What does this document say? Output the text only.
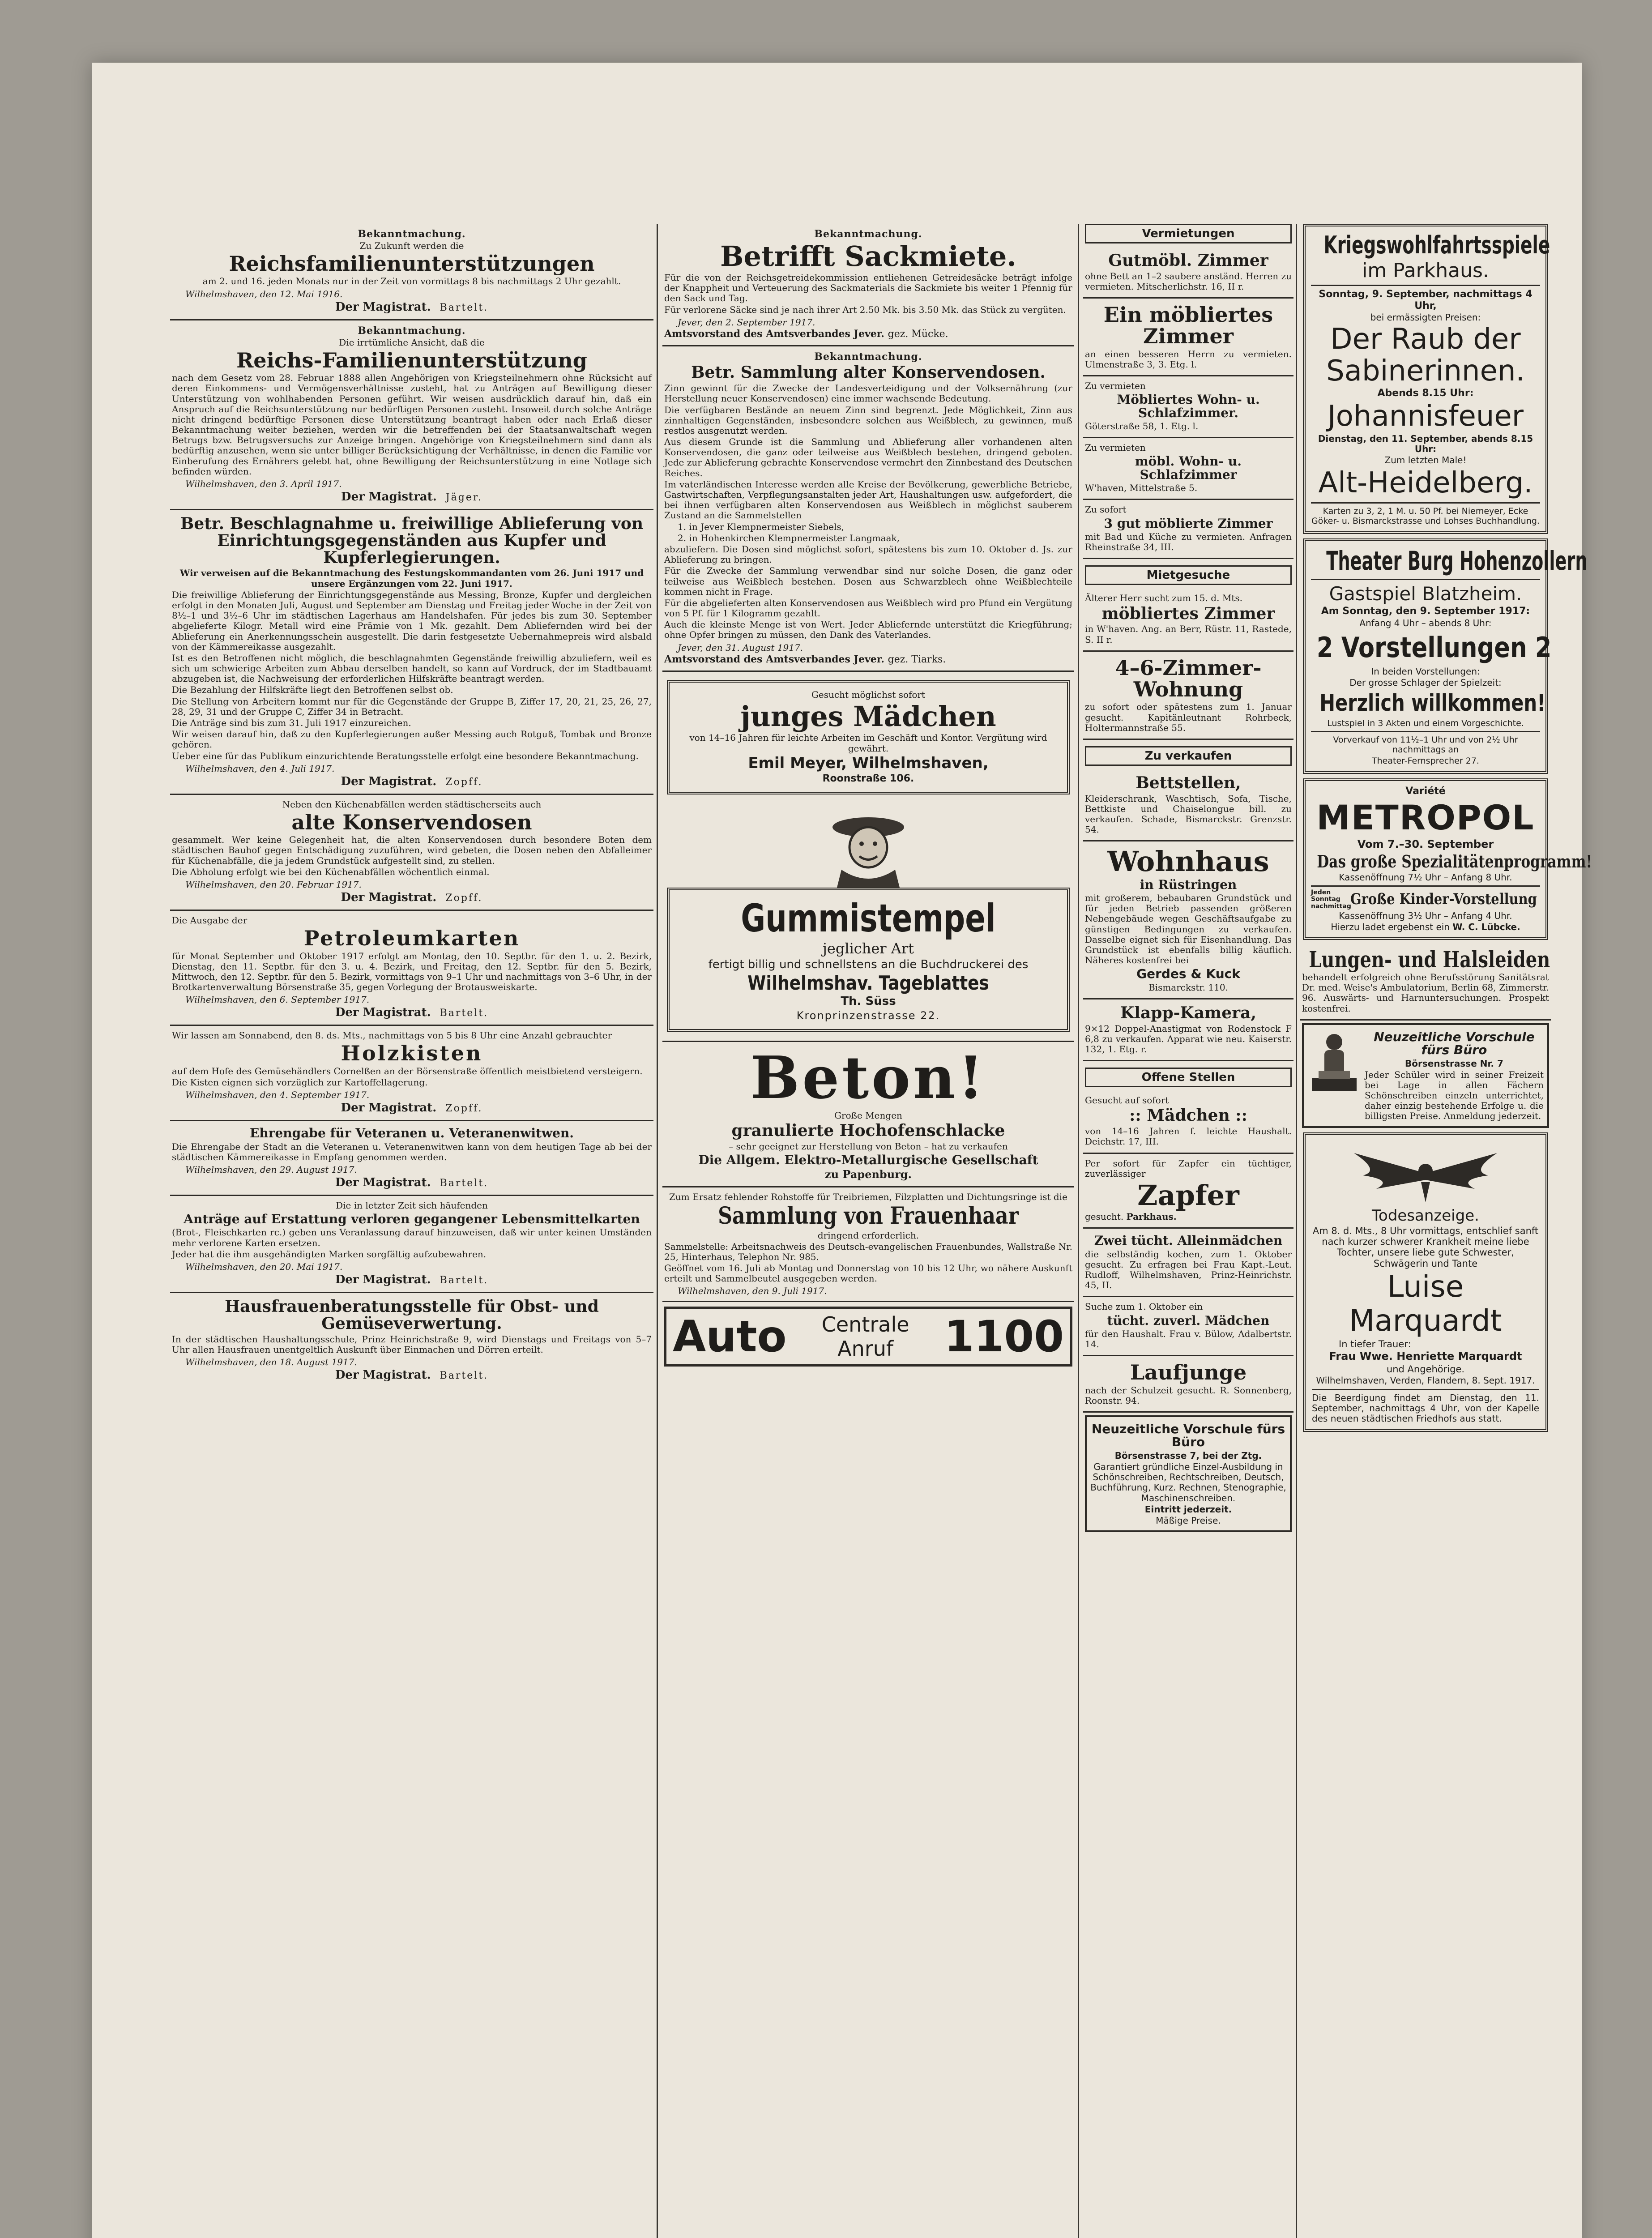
Bekanntmachung.
Zu Zukunft werden die
Reichsfamilienunterstützungen
am 2. und 16. jeden Monats nur in der Zeit von vormittags 8 bis nachmittags 2 Uhr gezahlt.
Wilhelmshaven, den 12. Mai 1916.
Der Magistrat. Bartelt.
Bekanntmachung.
Die irrtümliche Ansicht, daß die
Reichs-Familienunterstützung
nach dem Gesetz vom 28. Februar 1888 allen Angehörigen von Kriegsteilnehmern ohne Rücksicht auf deren Einkommens- und Vermögensverhältnisse zusteht, hat zu Anträgen auf Bewilligung dieser Unterstützung von wohlhabenden Personen geführt. Wir weisen ausdrücklich darauf hin, daß ein Anspruch auf die Reichsunterstützung nur bedürftigen Personen zusteht. Insoweit durch solche Anträge nicht dringend bedürftige Personen diese Unterstützung beantragt haben oder nach Erlaß dieser Bekanntmachung weiter beziehen, werden wir die betreffenden bei der Staatsanwaltschaft wegen Betrugs bzw. Betrugsversuchs zur Anzeige bringen. Angehörige von Kriegsteilnehmern sind dann als bedürftig anzusehen, wenn sie unter billiger Berücksichtigung der Verhältnisse, in denen die Familie vor Einberufung des Ernährers gelebt hat, ohne Bewilligung der Reichsunterstützung in eine Notlage sich befinden würden.
Wilhelmshaven, den 3. April 1917.
Der Magistrat. Jäger.
Betr. Beschlagnahme u. freiwillige Ablieferung von Einrichtungsgegenständen aus Kupfer und Kupferlegierungen.
Wir verweisen auf die Bekanntmachung des Festungskommandanten vom 26. Juni 1917 und unsere Ergänzungen vom 22. Juni 1917.
Die freiwillige Ablieferung der Einrichtungsgegenstände aus Messing, Bronze, Kupfer und dergleichen erfolgt in den Monaten Juli, August und September am Dienstag und Freitag jeder Woche in der Zeit von 8½–1 und 3½–6 Uhr im städtischen Lagerhaus am Handelshafen. Für jedes bis zum 30. September abgelieferte Kilogr. Metall wird eine Prämie von 1 Mk. gezahlt. Dem Abliefernden wird bei der Ablieferung ein Anerkennungsschein ausgestellt. Die darin festgesetzte Uebernahmepreis wird alsbald von der Kämmereikasse ausgezahlt.
Ist es den Betroffenen nicht möglich, die beschlagnahmten Gegenstände freiwillig abzuliefern, weil es sich um schwierige Arbeiten zum Abbau derselben handelt, so kann auf Vordruck, der im Stadtbauamt abzugeben ist, die Nachweisung der erforderlichen Hilfskräfte beantragt werden.
Die Bezahlung der Hilfskräfte liegt den Betroffenen selbst ob.
Die Stellung von Arbeitern kommt nur für die Gegenstände der Gruppe B, Ziffer 17, 20, 21, 25, 26, 27, 28, 29, 31 und der Gruppe C, Ziffer 34 in Betracht.
Die Anträge sind bis zum 31. Juli 1917 einzureichen.
Wir weisen darauf hin, daß zu den Kupferlegierungen außer Messing auch Rotguß, Tombak und Bronze gehören.
Ueber eine für das Publikum einzurichtende Beratungsstelle erfolgt eine besondere Bekanntmachung.
Wilhelmshaven, den 4. Juli 1917.
Der Magistrat. Zopff.
Neben den Küchenabfällen werden städtischerseits auch
alte Konservendosen
gesammelt. Wer keine Gelegenheit hat, die alten Konservendosen durch besondere Boten dem städtischen Bauhof gegen Entschädigung zuzuführen, wird gebeten, die Dosen neben den Abfalleimer für Küchenabfälle, die ja jedem Grundstück aufgestellt sind, zu stellen.
Die Abholung erfolgt wie bei den Küchenabfällen wöchentlich einmal.
Wilhelmshaven, den 20. Februar 1917.
Der Magistrat. Zopff.
Die Ausgabe der
Petroleumkarten
für Monat September und Oktober 1917 erfolgt am Montag, den 10. Septbr. für den 1. u. 2. Bezirk, Dienstag, den 11. Septbr. für den 3. u. 4. Bezirk, und Freitag, den 12. Septbr. für den 5. Bezirk, Mittwoch, den 12. Septbr. für den 5. Bezirk, vormittags von 9–1 Uhr und nachmittags von 3–6 Uhr, in der Brotkartenverwaltung Börsenstraße 35, gegen Vorlegung der Brotausweiskarte.
Wilhelmshaven, den 6. September 1917.
Der Magistrat. Bartelt.
Wir lassen am Sonnabend, den 8. ds. Mts., nachmittags von 5 bis 8 Uhr eine Anzahl gebrauchter
Holzkisten
auf dem Hofe des Gemüsehändlers Cornelßen an der Börsenstraße öffentlich meistbietend versteigern.
Die Kisten eignen sich vorzüglich zur Kartoffellagerung.
Wilhelmshaven, den 4. September 1917.
Der Magistrat. Zopff.
Ehrengabe für Veteranen u. Veteranenwitwen.
Die Ehrengabe der Stadt an die Veteranen u. Veteranenwitwen kann von dem heutigen Tage ab bei der städtischen Kämmereikasse in Empfang genommen werden.
Wilhelmshaven, den 29. August 1917.
Der Magistrat. Bartelt.
Die in letzter Zeit sich häufenden
Anträge auf Erstattung verloren gegangener Lebensmittelkarten
(Brot-, Fleischkarten rc.) geben uns Veranlassung darauf hinzuweisen, daß wir unter keinen Umständen mehr verlorene Karten ersetzen.
Jeder hat die ihm ausgehändigten Marken sorgfältig aufzubewahren.
Wilhelmshaven, den 20. Mai 1917.
Der Magistrat. Bartelt.
Hausfrauenberatungsstelle für Obst- und Gemüseverwertung.
In der städtischen Haushaltungsschule, Prinz Heinrichstraße 9, wird Dienstags und Freitags von 5–7 Uhr allen Hausfrauen unentgeltlich Auskunft über Einmachen und Dörren erteilt.
Wilhelmshaven, den 18. August 1917.
Der Magistrat. Bartelt.
Bekanntmachung.
Betrifft Sackmiete.
Für die von der Reichsgetreidekommission entliehenen Getreidesäcke beträgt infolge der Knappheit und Verteuerung des Sackmaterials die Sackmiete bis weiter 1 Pfennig für den Sack und Tag.
Für verlorene Säcke sind je nach ihrer Art 2.50 Mk. bis 3.50 Mk. das Stück zu vergüten.
Jever, den 2. September 1917.
Amtsvorstand des Amtsverbandes Jever. gez. Mücke.
Bekanntmachung.
Betr. Sammlung alter Konservendosen.
Zinn gewinnt für die Zwecke der Landesverteidigung und der Volksernährung (zur Herstellung neuer Konservendosen) eine immer wachsende Bedeutung.
Die verfügbaren Bestände an neuem Zinn sind begrenzt. Jede Möglichkeit, Zinn aus zinnhaltigen Gegenständen, insbesondere solchen aus Weißblech, zu gewinnen, muß restlos ausgenutzt werden.
Aus diesem Grunde ist die Sammlung und Ablieferung aller vorhandenen alten Konservendosen, die ganz oder teilweise aus Weißblech bestehen, dringend geboten. Jede zur Ablieferung gebrachte Konservendose vermehrt den Zinnbestand des Deutschen Reiches.
Im vaterländischen Interesse werden alle Kreise der Bevölkerung, gewerbliche Betriebe, Gastwirtschaften, Verpflegungsanstalten jeder Art, Haushaltungen usw. aufgefordert, die bei ihnen verfügbaren alten Konservendosen aus Weißblech in möglichst sauberem Zustand an die Sammelstellen
1. in Jever Klempnermeister Siebels,
2. in Hohenkirchen Klempnermeister Langmaak,
abzuliefern. Die Dosen sind möglichst sofort, spätestens bis zum 10. Oktober d. Js. zur Ablieferung zu bringen.
Für die Zwecke der Sammlung verwendbar sind nur solche Dosen, die ganz oder teilweise aus Weißblech bestehen. Dosen aus Schwarzblech ohne Weißblechteile kommen nicht in Frage.
Für die abgelieferten alten Konservendosen aus Weißblech wird pro Pfund ein Vergütung von 5 Pf. für 1 Kilogramm gezahlt.
Auch die kleinste Menge ist von Wert. Jeder Abliefernde unterstützt die Kriegführung; ohne Opfer bringen zu müssen, den Dank des Vaterlandes.
Jever, den 31. August 1917.
Amtsvorstand des Amtsverbandes Jever. gez. Tiarks.
Gesucht möglichst sofort
junges Mädchen
von 14–16 Jahren für leichte Arbeiten im Geschäft und Kontor. Vergütung wird gewährt.
Emil Meyer, Wilhelmshaven,
Roonstraße 106.
Gummistempel
jeglicher Art
fertigt billig und schnellstens an die Buchdruckerei des
Wilhelmshav. Tageblattes
Th. Süss
Kronprinzenstrasse 22.
Beton!
Große Mengen
granulierte Hochofenschlacke
– sehr geeignet zur Herstellung von Beton – hat zu verkaufen
Die Allgem. Elektro-Metallurgische Gesellschaft
zu Papenburg.
Zum Ersatz fehlender Rohstoffe für Treibriemen, Filzplatten und Dichtungsringe ist die
Sammlung von Frauenhaar
dringend erforderlich.
Sammelstelle: Arbeitsnachweis des Deutsch-evangelischen Frauenbundes, Wallstraße Nr. 25, Hinterhaus, Telephon Nr. 985.
Geöffnet vom 16. Juli ab Montag und Donnerstag von 10 bis 12 Uhr, wo nähere Auskunft erteilt und Sammelbeutel ausgegeben werden.
Wilhelmshaven, den 9. Juli 1917.
Auto Centrale
Anruf 1100
Vermietungen
Gutmöbl. Zimmer
ohne Bett an 1–2 saubere anständ. Herren zu vermieten. Mitscherlichstr. 16, II r.
Ein möbliertes Zimmer
an einen besseren Herrn zu vermieten. Ulmenstraße 3, 3. Etg. l.
Zu vermieten
Möbliertes Wohn- u. Schlafzimmer.
Göterstraße 58, 1. Etg. l.
Zu vermieten
möbl. Wohn- u. Schlafzimmer
W'haven, Mittelstraße 5.
Zu sofort
3 gut möblierte Zimmer
mit Bad und Küche zu vermieten. Anfragen Rheinstraße 34, III.
Mietgesuche
Älterer Herr sucht zum 15. d. Mts.
möbliertes Zimmer
in W'haven. Ang. an Berr, Rüstr. 11, Rastede, S. II r.
4–6-Zimmer-Wohnung
zu sofort oder spätestens zum 1. Januar gesucht. Kapitänleutnant Rohrbeck, Holtermannstraße 55.
Zu verkaufen
Bettstellen,
Kleiderschrank, Waschtisch, Sofa, Tische, Bettkiste und Chaiselongue bill. zu verkaufen. Schade, Bismarckstr. Grenzstr. 54.
Wohnhaus
in Rüstringen
mit großerem, bebaubaren Grundstück und für jeden Betrieb passenden größeren Nebengebäude wegen Geschäftsaufgabe zu günstigen Bedingungen zu verkaufen. Dasselbe eignet sich für Eisenhandlung. Das Grundstück ist ebenfalls billig käuflich. Näheres kostenfrei bei
Gerdes & Kuck
Bismarckstr. 110.
Klapp-Kamera,
9×12 Doppel-Anastigmat von Rodenstock F 6,8 zu verkaufen. Apparat wie neu. Kaiserstr. 132, 1. Etg. r.
Offene Stellen
Gesucht auf sofort
:: Mädchen ::
von 14–16 Jahren f. leichte Haushalt. Deichstr. 17, III.
Per sofort für Zapfer ein tüchtiger, zuverlässiger
Zapfer
gesucht. Parkhaus.
Zwei tücht. Alleinmädchen
die selbständig kochen, zum 1. Oktober gesucht. Zu erfragen bei Frau Kapt.-Leut. Rudloff, Wilhelmshaven, Prinz-Heinrichstr. 45, II.
Suche zum 1. Oktober ein
tücht. zuverl. Mädchen
für den Haushalt. Frau v. Bülow, Adalbertstr. 14.
Laufjunge
nach der Schulzeit gesucht. R. Sonnenberg, Roonstr. 94.
Neuzeitliche Vorschule fürs Büro
Börsenstrasse 7, bei der Ztg.
Garantiert gründliche Einzel-Ausbildung in Schönschreiben, Rechtschreiben, Deutsch, Buchführung, Kurz. Rechnen, Stenographie, Maschinenschreiben.
Eintritt jederzeit.
Mäßige Preise.
Kriegswohlfahrtsspiele
im Parkhaus.
Sonntag, 9. September, nachmittags 4 Uhr,
bei ermässigten Preisen:
Der Raub der
Sabinerinnen.
Abends 8.15 Uhr:
Johannisfeuer
Dienstag, den 11. September, abends 8.15 Uhr:
Zum letzten Male!
Alt-Heidelberg.
Karten zu 3, 2, 1 M. u. 50 Pf. bei Niemeyer, Ecke Göker- u. Bismarckstrasse und Lohses Buchhandlung.
Theater Burg Hohenzollern
Gastspiel Blatzheim.
Am Sonntag, den 9. September 1917:
Anfang 4 Uhr – abends 8 Uhr:
2 Vorstellungen 2
In beiden Vorstellungen:
Der grosse Schlager der Spielzeit:
Herzlich willkommen!
Lustspiel in 3 Akten und einem Vorgeschichte.
Vorverkauf von 11½–1 Uhr und von 2½ Uhr nachmittags an
Theater-Fernsprecher 27.
Variété
METROPOL
Vom 7.–30. September
Das große Spezialitätenprogramm!
Kassenöffnung 7½ Uhr – Anfang 8 Uhr.
Jeden Sonntag nachmittag
Große Kinder-Vorstellung
Kassenöffnung 3½ Uhr – Anfang 4 Uhr.
Hierzu ladet ergebenst ein W. C. Lübcke.
Lungen- und Halsleiden
behandelt erfolgreich ohne Berufsstörung Sanitätsrat Dr. med. Weise's Ambulatorium, Berlin 68, Zimmerstr. 96. Auswärts- und Harnuntersuchungen. Prospekt kostenfrei.
Neuzeitliche Vorschule fürs Büro
Börsenstrasse Nr. 7
Jeder Schüler wird in seiner Freizeit bei Lage in allen Fächern Schönschreiben einzeln unterrichtet, daher einzig bestehende Erfolge u. die billigsten Preise. Anmeldung jederzeit.
Todesanzeige.
Am 8. d. Mts., 8 Uhr vormittags, entschlief sanft nach kurzer schwerer Krankheit meine liebe Tochter, unsere liebe gute Schwester, Schwägerin und Tante
Luise Marquardt
In tiefer Trauer:
Frau Wwe. Henriette Marquardt
und Angehörige.
Wilhelmshaven, Verden, Flandern, 8. Sept. 1917.
Die Beerdigung findet am Dienstag, den 11. September, nachmittags 4 Uhr, von der Kapelle des neuen städtischen Friedhofs aus statt.
